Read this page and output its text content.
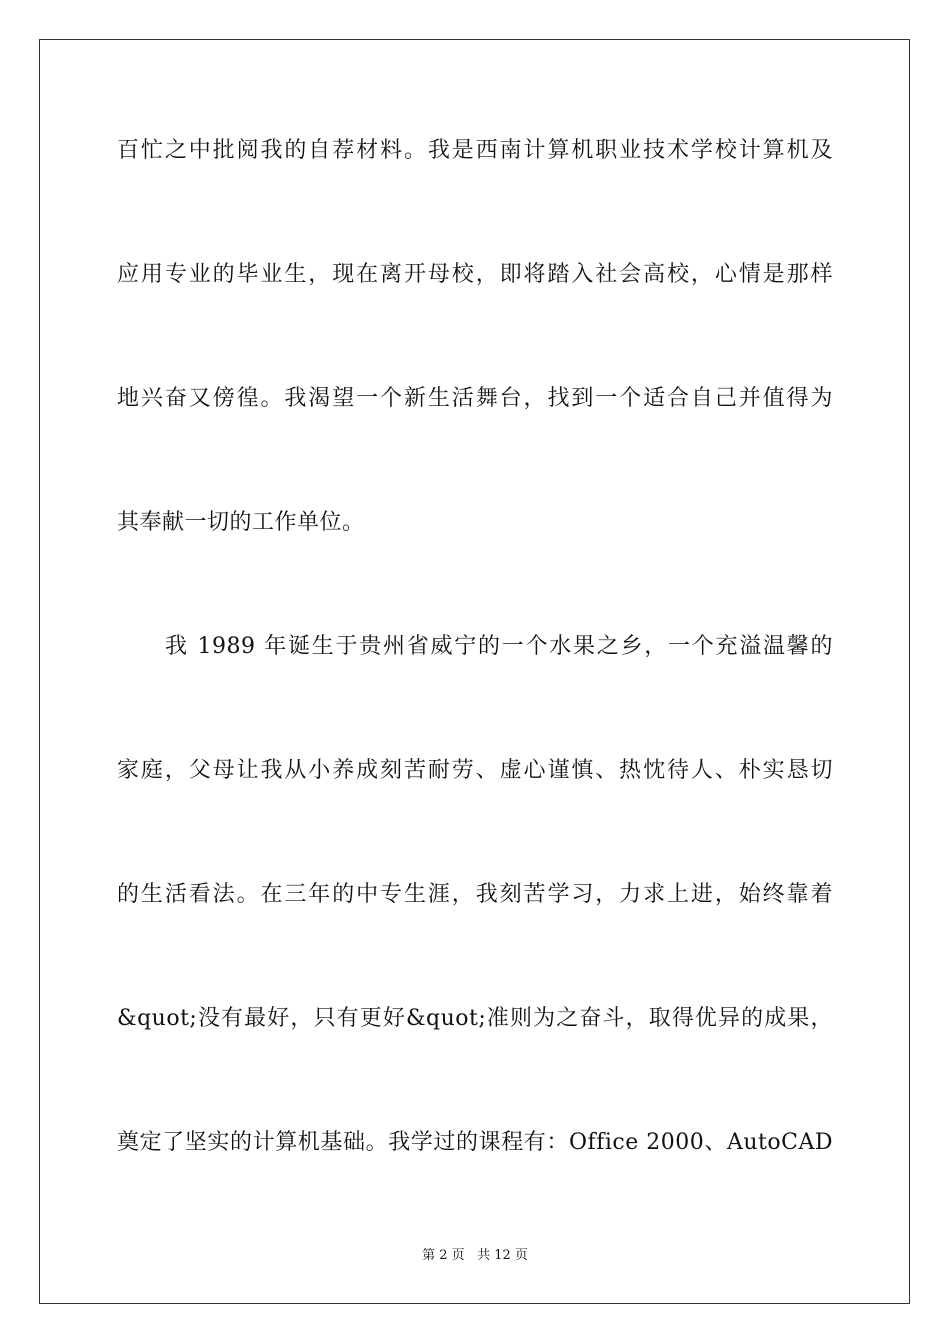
百忙之中批阅我的自荐材料。我是西南计算机职业技术学校计算机及
应用专业的毕业生，现在离开母校，即将踏入社会高校，心情是那样
地兴奋又傍徨。我渴望一个新生活舞台，找到一个适合自己并值得为
其奉献一切的工作单位。
我 1989 年诞生于贵州省威宁的一个水果之乡，一个充溢温馨的
家庭，父母让我从小养成刻苦耐劳、虚心谨慎、热忱待人、朴实恳切
的生活看法。在三年的中专生涯，我刻苦学习，力求上进，始终靠着
&quot;没有最好，只有更好&quot;准则为之奋斗，取得优异的成果，
奠定了坚实的计算机基础。我学过的课程有：Office 2000、AutoCAD
第 2 页 共 12 页
